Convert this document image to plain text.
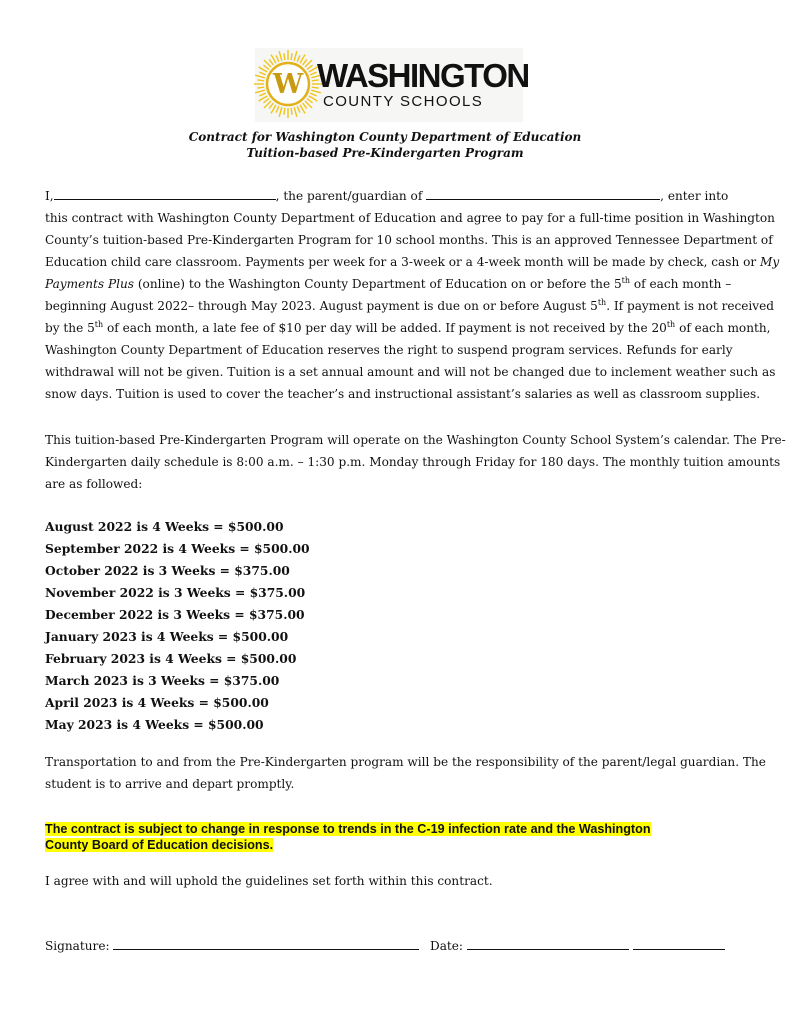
W WASHINGTON
COUNTY SCHOOLS
Contract for Washington County Department of Education
Tuition-based Pre-Kindergarten Program
I,	, the parent/guardian of	, enter into
this contract with Washington County Department of Education and agree to pay for a full-time position in Washington
County’s tuition-based Pre-Kindergarten Program for 10 school months. This is an approved Tennessee Department of
Education child care classroom. Payments per week for a 3-week or a 4-week month will be made by check, cash or My
Payments Plus (online) to the Washington County Department of Education on or before the 5th of each month –
beginning August 2022– through May 2023. August payment is due on or before August 5th. If payment is not received
by the 5th of each month, a late fee of $10 per day will be added. If payment is not received by the 20th of each month,
Washington County Department of Education reserves the right to suspend program services. Refunds for early
withdrawal will not be given. Tuition is a set annual amount and will not be changed due to inclement weather such as
snow days. Tuition is used to cover the teacher’s and instructional assistant’s salaries as well as classroom supplies.
This tuition-based Pre-Kindergarten Program will operate on the Washington County School System’s calendar. The Pre-
Kindergarten daily schedule is 8:00 a.m. – 1:30 p.m. Monday through Friday for 180 days. The monthly tuition amounts
are as followed:
August 2022 is 4 Weeks = $500.00
September 2022 is 4 Weeks = $500.00
October 2022 is 3 Weeks = $375.00
November 2022 is 3 Weeks = $375.00
December 2022 is 3 Weeks = $375.00
January 2023 is 4 Weeks = $500.00
February 2023 is 4 Weeks = $500.00
March 2023 is 3 Weeks = $375.00
April 2023 is 4 Weeks = $500.00
May 2023 is 4 Weeks = $500.00
Transportation to and from the Pre-Kindergarten program will be the responsibility of the parent/legal guardian. The
student is to arrive and depart promptly.
The contract is subject to change in response to trends in the C-19 infection rate and the Washington
County Board of Education decisions.
I agree with and will uphold the guidelines set forth within this contract.
Signature:	Date:
